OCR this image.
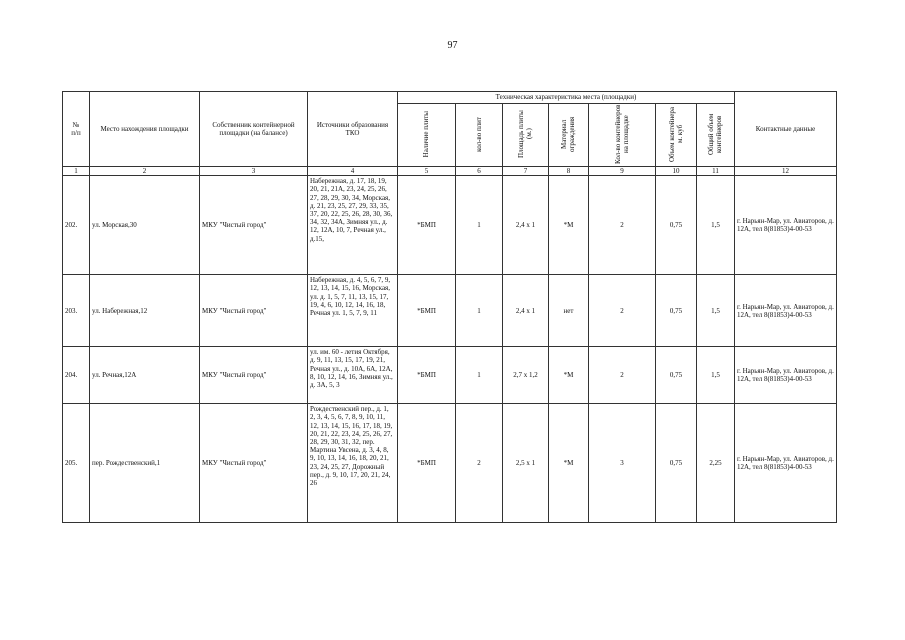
97
№
п/п	Место нахождения площадки	Собственник контейнерной площадки (на балансе)	Источники образования ТКО	Техническая характеристика места (площадки)							Контактные данные
				Наличие плиты	кол-во плит	Площадь плиты (м.)	Материал ограждения	Кол-во контейнеров на площадке	Объем контейнера м. куб	Общий объем контейнеров	
1	2	3	4	5	6	7	8	9	10	11	12
202.	ул. Морская,30	МКУ "Чистый город"	Набережная, д. 17, 18, 19, 20, 21, 21А, 23, 24, 25, 26, 27, 28, 29, 30, 34, Морская, д. 21, 23, 25, 27, 29, 33, 35, 37, 20, 22, 25, 26, 28, 30, 36, 34, 32, 34А, Зимняя ул., д. 12, 12А, 10, 7, Речная ул., д.15,	*БМП	1	2,4 х 1	*М	2	0,75	1,5	г. Нарьян-Мар, ул. Авиаторов, д. 12А, тел 8(81853)4-00-53
203.	ул. Набережная,12	МКУ "Чистый город"	Набережная, д. 4, 5, 6, 7, 9, 12, 13, 14, 15, 16, Морская, ул. д. 1, 5, 7, 11, 13, 15, 17, 19, 4, 6, 10, 12, 14, 16, 18, Речная ул. 1, 5, 7, 9, 11	*БМП	1	2,4 х 1	нет	2	0,75	1,5	г. Нарьян-Мар, ул. Авиаторов, д. 12А, тел 8(81853)4-00-53
204.	ул. Речная,12А	МКУ "Чистый город"	ул. им. 60 - летия Октября, д. 9, 11, 13, 15, 17, 19, 21, Речная ул., д. 10А, 6А, 12А, 8, 10, 12, 14, 16, Зимняя ул., д. 3А, 5, 3	*БМП	1	2,7 х 1,2	*М	2	0,75	1,5	г. Нарьян-Мар, ул. Авиаторов, д. 12А, тел 8(81853)4-00-53
205.	пер. Рождественский,1	МКУ "Чистый город"	Рождественский пер., д. 1, 2, 3, 4, 5, 6, 7, 8, 9, 10, 11, 12, 13, 14, 15, 16, 17, 18, 19, 20, 21, 22, 23, 24, 25, 26, 27, 28, 29, 30, 31, 32, пер. Мартина Увсена, д. 3, 4, 8, 9, 10, 13, 14, 16, 18, 20, 21, 23, 24, 25, 27, Дорожный пер., д. 9, 10, 17, 20, 21, 24, 26	*БМП	2	2,5 х 1	*М	3	0,75	2,25	г. Нарьян-Мар, ул. Авиаторов, д. 12А, тел 8(81853)4-00-53
